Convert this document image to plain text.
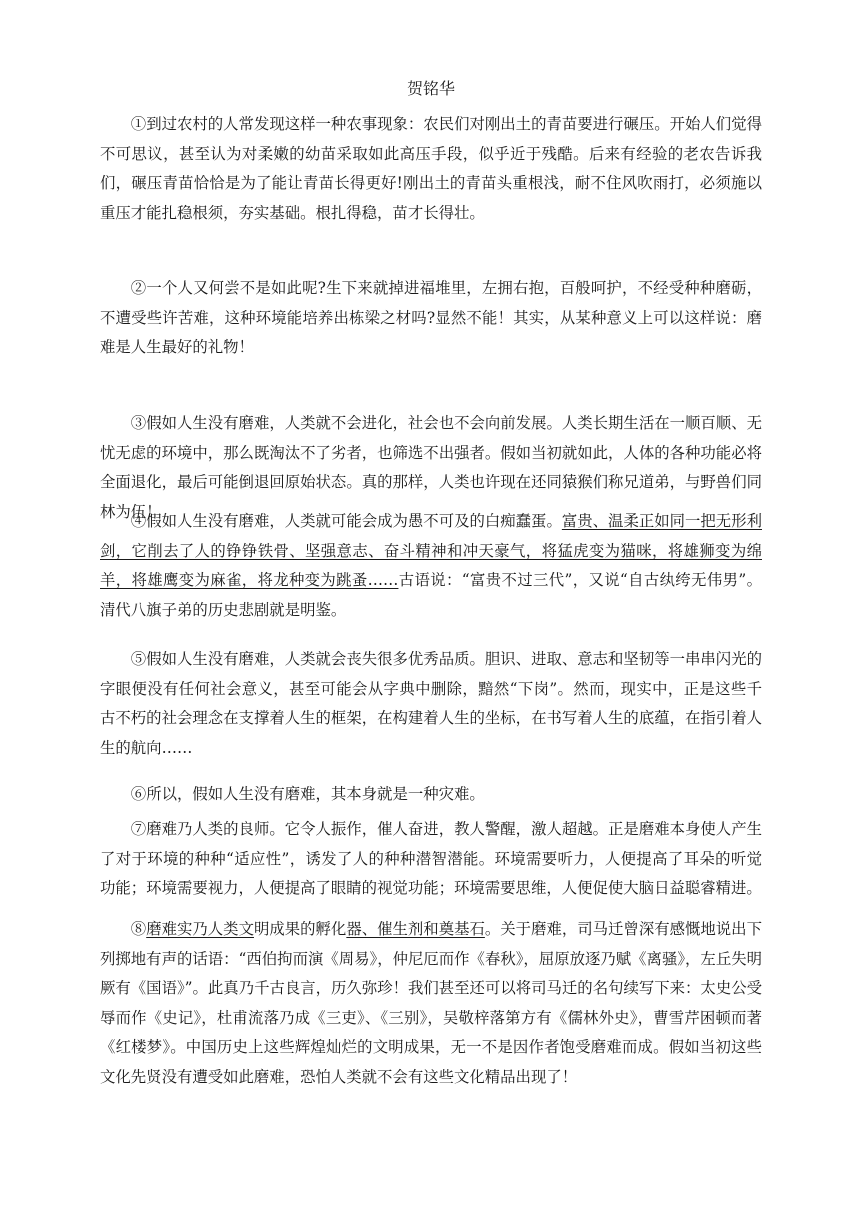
贺铭华

①到过农村的人常发现这样一种农事现象：农民们对刚出土的青苗要进行碾压。开始人们觉得不可思议，甚至认为对柔嫩的幼苗采取如此高压手段，似乎近于残酷。后来有经验的老农告诉我们，碾压青苗恰恰是为了能让青苗长得更好!刚出土的青苗头重根浅，耐不住风吹雨打，必须施以重压才能扎稳根须，夯实基础。根扎得稳，苗才长得壮。

②一个人又何尝不是如此呢?生下来就掉进福堆里，左拥右抱，百般呵护，不经受种种磨砺，不遭受些许苦难，这种环境能培养出栋梁之材吗?显然不能！其实，从某种意义上可以这样说：磨难是人生最好的礼物！

③假如人生没有磨难，人类就不会进化，社会也不会向前发展。人类长期生活在一顺百顺、无忧无虑的环境中，那么既淘汰不了劣者，也筛选不出强者。假如当初就如此，人体的各种功能必将全面退化，最后可能倒退回原始状态。真的那样，人类也许现在还同猿猴们称兄道弟，与野兽们同林为伍！

④假如人生没有磨难，人类就可能会成为愚不可及的白痴蠢蛋。富贵、温柔正如同一把无形利剑，它削去了人的铮铮铁骨、坚强意志、奋斗精神和冲天豪气，将猛虎变为猫咪，将雄狮变为绵羊，将雄鹰变为麻雀，将龙种变为跳蚤……古语说：“富贵不过三代”，又说“自古纨绔无伟男”。清代八旗子弟的历史悲剧就是明鉴。

⑤假如人生没有磨难，人类就会丧失很多优秀品质。胆识、进取、意志和坚韧等一串串闪光的字眼便没有任何社会意义，甚至可能会从字典中删除，黯然“下岗”。然而，现实中，正是这些千古不朽的社会理念在支撑着人生的框架，在构建着人生的坐标，在书写着人生的底蕴，在指引着人生的航向……

⑥所以，假如人生没有磨难，其本身就是一种灾难。

⑦磨难乃人类的良师。它令人振作，催人奋进，教人警醒，激人超越。正是磨难本身使人产生了对于环境的种种“适应性”，诱发了人的种种潜智潜能。环境需要听力，人便提高了耳朵的听觉功能；环境需要视力，人便提高了眼睛的视觉功能；环境需要思维，人便促使大脑日益聪睿精进。

⑧磨难实乃人类文明成果的孵化器、催生剂和奠基石。关于磨难，司马迁曾深有感慨地说出下列掷地有声的话语：“西伯拘而演《周易》，仲尼厄而作《春秋》，屈原放逐乃赋《离骚》，左丘失明厥有《国语》”。此真乃千古良言，历久弥珍！我们甚至还可以将司马迁的名句续写下来：太史公受辱而作《史记》，杜甫流落乃成《三吏》、《三别》，吴敬梓落第方有《儒林外史》，曹雪芹困顿而著《红楼梦》。中国历史上这些辉煌灿烂的文明成果，无一不是因作者饱受磨难而成。假如当初这些文化先贤没有遭受如此磨难，恐怕人类就不会有这些文化精品出现了！
